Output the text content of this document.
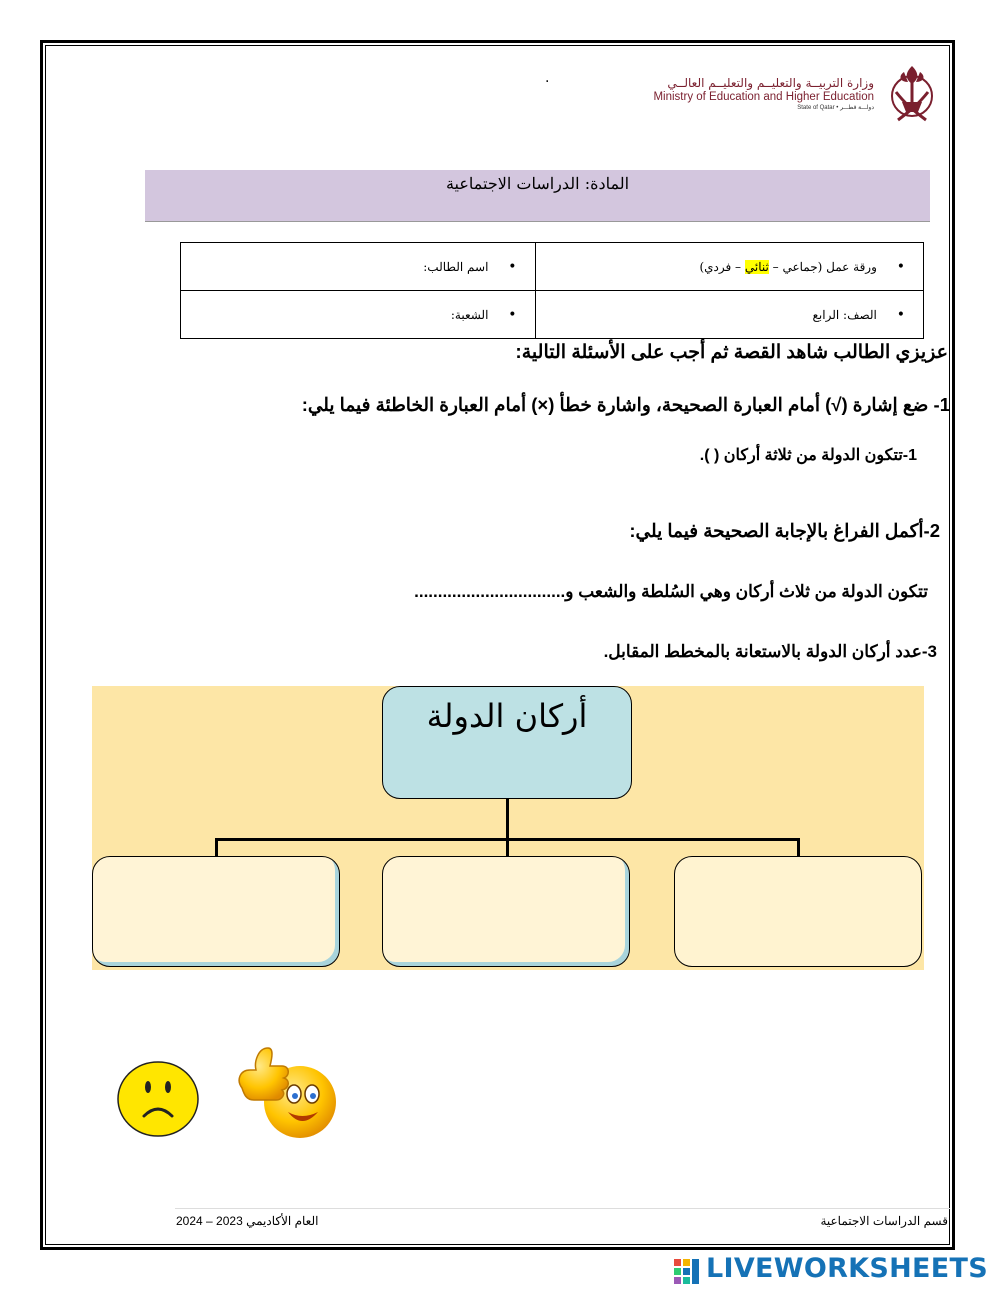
.	وزارة التربيــة والتعليــم والتعليــم العالــي
Ministry of Education and Higher Education
State of Qatar • دولـــة قطـــر
المادة: الدراسات الاجتماعية
• ورقة عمل (جماعي – ثنائي – فردي)	• اسم الطالب:
• الصف: الرابع	• الشعبة:
عزيزي الطالب شاهد القصة ثم أجب على الأسئلة التالية:
1- ضع إشارة (√) أمام العبارة الصحيحة، واشارة خطأ (×) أمام العبارة الخاطئة فيما يلي:
1-تتكون الدولة من ثلاثة أركان ( ).
2-أكمل الفراغ بالإجابة الصحيحة فيما يلي:
تتكون الدولة من ثلاث أركان وهي السُلطة والشعب و................................
3-عدد أركان الدولة بالاستعانة بالمخطط المقابل.
أركان الدولة
قسم الدراسات الاجتماعية
العام الأكاديمي 2023 – 2024
LIVEWORKSHEETS
